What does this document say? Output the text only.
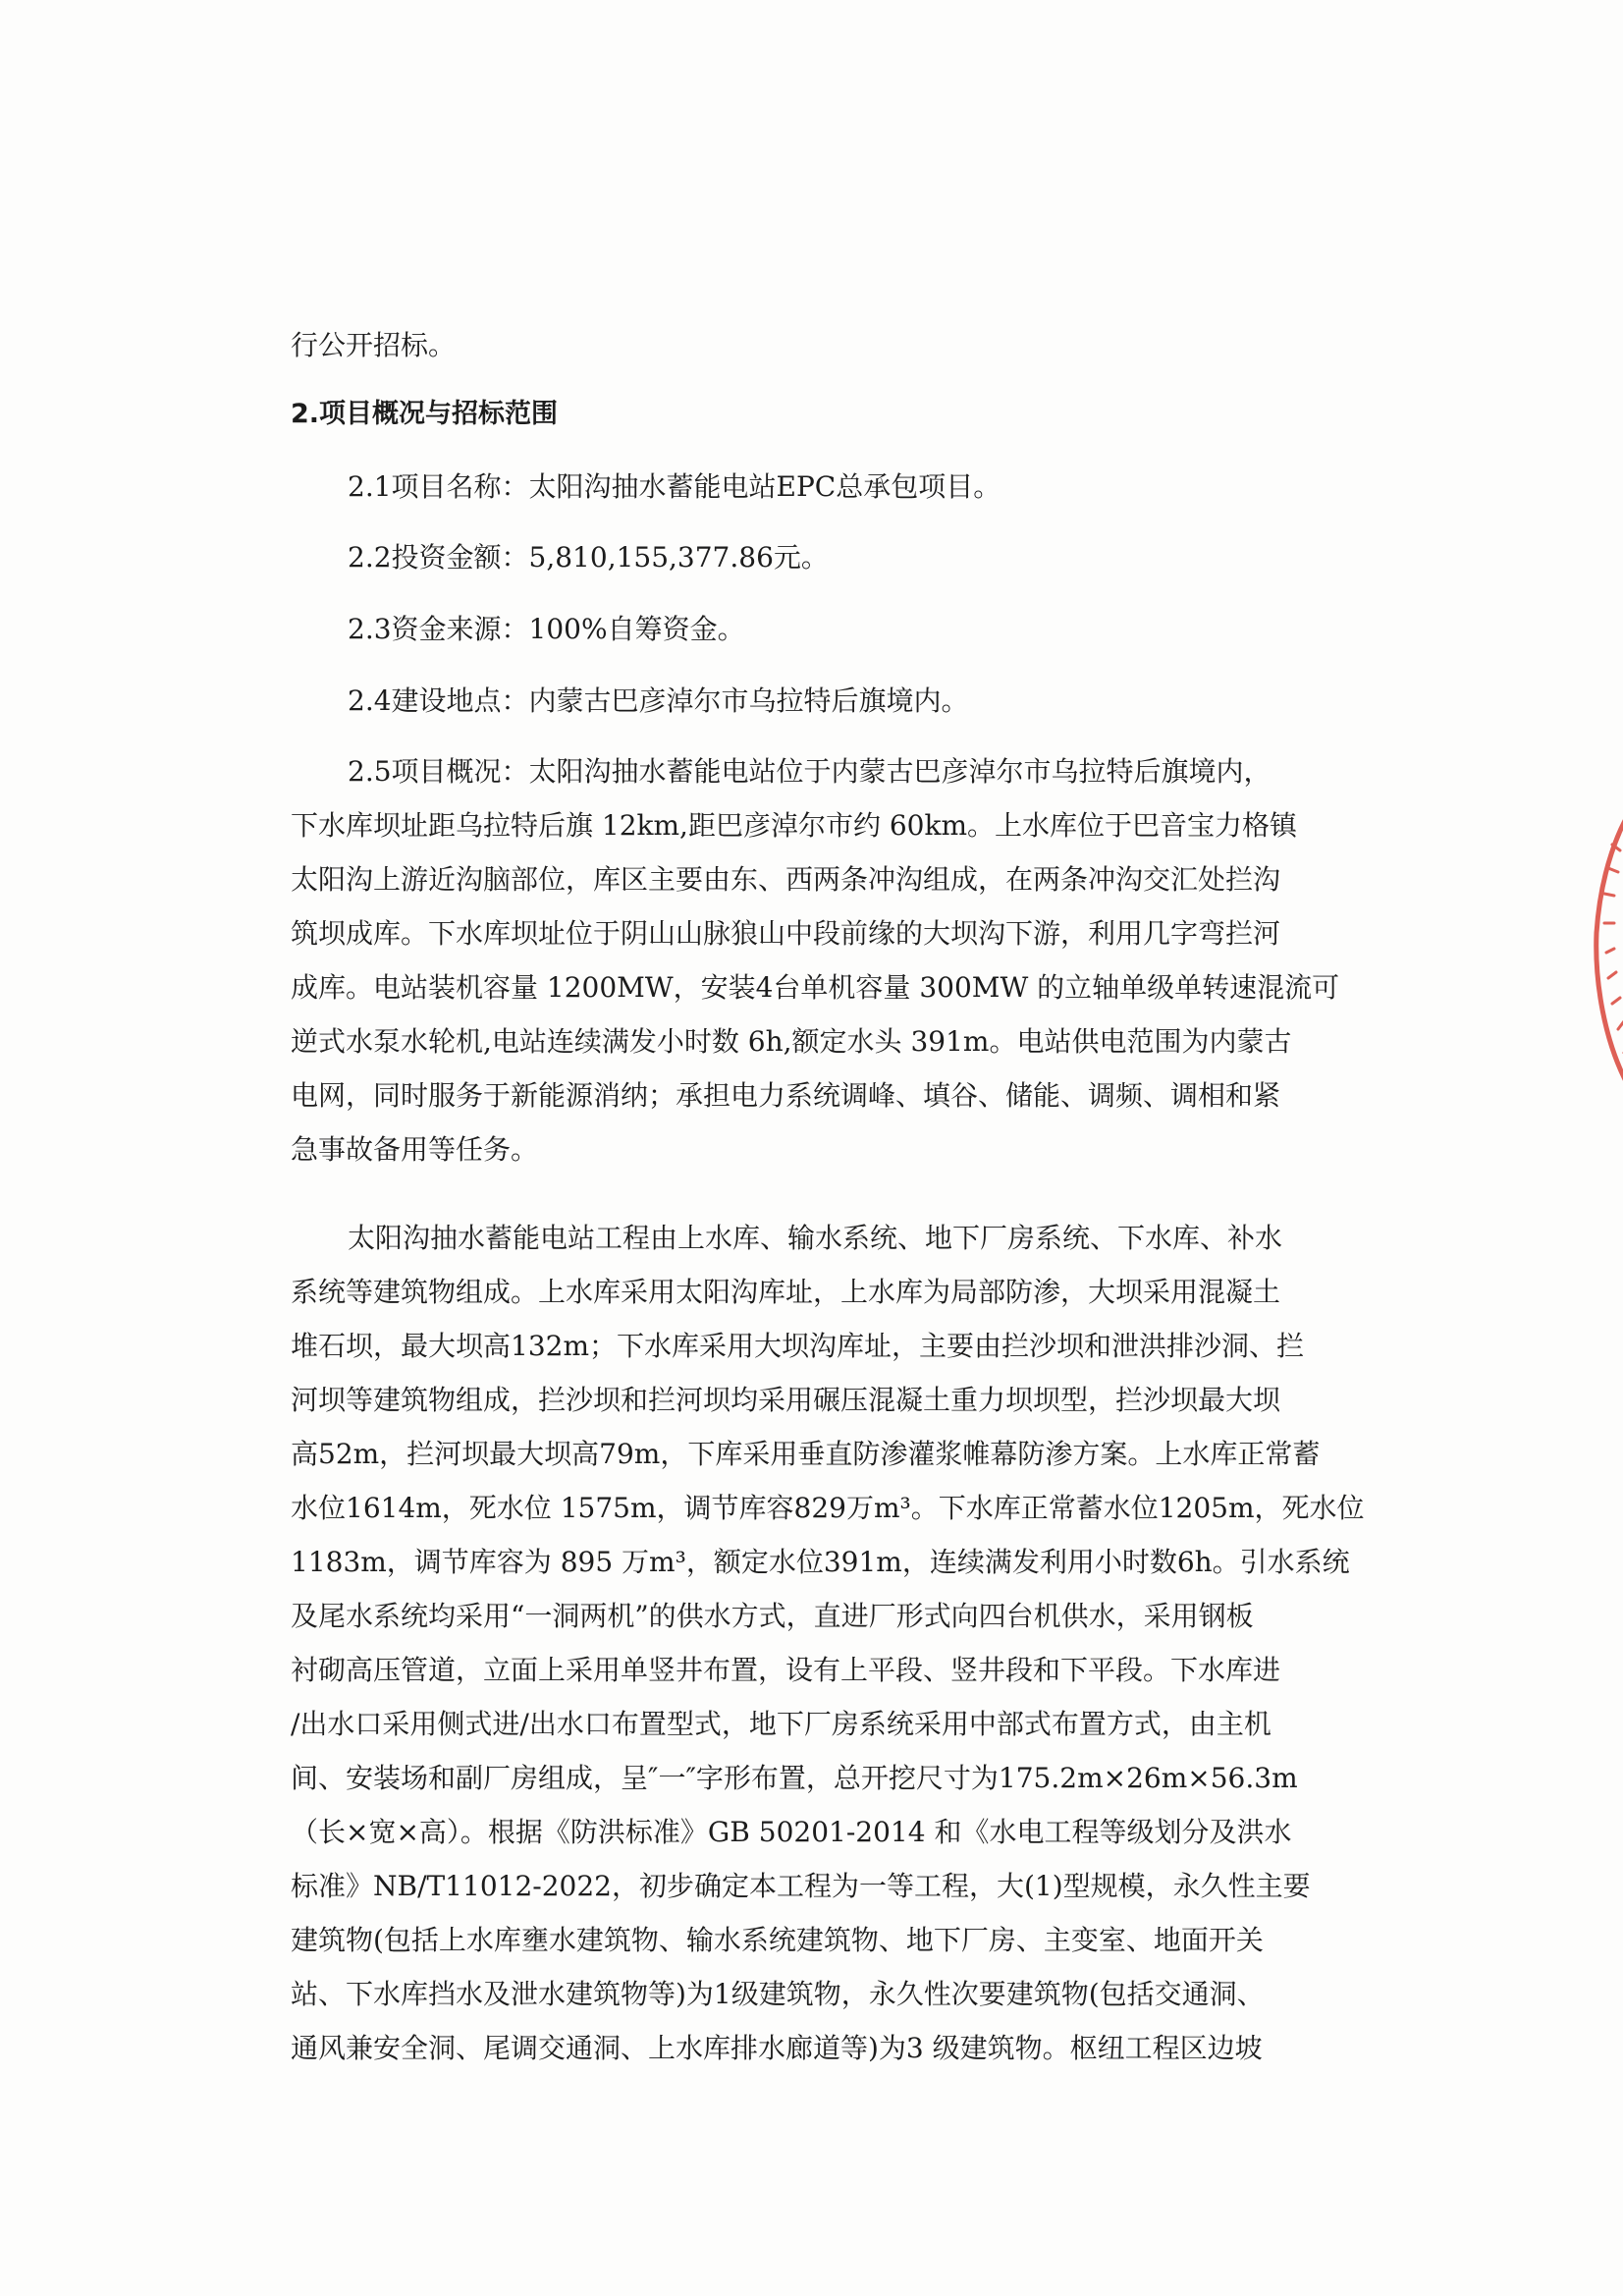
行公开招标。

2.项目概况与招标范围

2.1项目名称：太阳沟抽水蓄能电站EPC总承包项目。

2.2投资金额：5,810,155,377.86元。

2.3资金来源：100%自筹资金。

2.4建设地点：内蒙古巴彦淖尔市乌拉特后旗境内。

2.5项目概况：太阳沟抽水蓄能电站位于内蒙古巴彦淖尔市乌拉特后旗境内，

下水库坝址距乌拉特后旗 12km,距巴彦淖尔市约 60km。上水库位于巴音宝力格镇

太阳沟上游近沟脑部位，库区主要由东、西两条冲沟组成，在两条冲沟交汇处拦沟

筑坝成库。下水库坝址位于阴山山脉狼山中段前缘的大坝沟下游，利用几字弯拦河

成库。电站装机容量 1200MW，安装4台单机容量 300MW 的立轴单级单转速混流可

逆式水泵水轮机,电站连续满发小时数 6h,额定水头 391m。电站供电范围为内蒙古

电网，同时服务于新能源消纳；承担电力系统调峰、填谷、储能、调频、调相和紧

急事故备用等任务。

太阳沟抽水蓄能电站工程由上水库、输水系统、地下厂房系统、下水库、补水

系统等建筑物组成。上水库采用太阳沟库址，上水库为局部防渗，大坝采用混凝土

堆石坝，最大坝高132m；下水库采用大坝沟库址，主要由拦沙坝和泄洪排沙洞、拦

河坝等建筑物组成，拦沙坝和拦河坝均采用碾压混凝土重力坝坝型，拦沙坝最大坝

高52m，拦河坝最大坝高79m，下库采用垂直防渗灌浆帷幕防渗方案。上水库正常蓄

水位1614m，死水位 1575m，调节库容829万m³。下水库正常蓄水位1205m，死水位

1183m，调节库容为 895 万m³，额定水位391m，连续满发利用小时数6h。引水系统

及尾水系统均采用“一洞两机”的供水方式，直进厂形式向四台机供水，采用钢板

衬砌高压管道，立面上采用单竖井布置，设有上平段、竖井段和下平段。下水库进

/出水口采用侧式进/出水口布置型式，地下厂房系统采用中部式布置方式，由主机

间、安装场和副厂房组成，呈″一″字形布置，总开挖尺寸为175.2m×26m×56.3m

（长×宽×高）。根据《防洪标准》GB 50201-2014 和《水电工程等级划分及洪水

标准》NB/T11012-2022，初步确定本工程为一等工程，大(1)型规模，永久性主要

建筑物(包括上水库壅水建筑物、输水系统建筑物、地下厂房、主变室、地面开关

站、下水库挡水及泄水建筑物等)为1级建筑物，永久性次要建筑物(包括交通洞、

通风兼安全洞、尾调交通洞、上水库排水廊道等)为3 级建筑物。枢纽工程区边坡
